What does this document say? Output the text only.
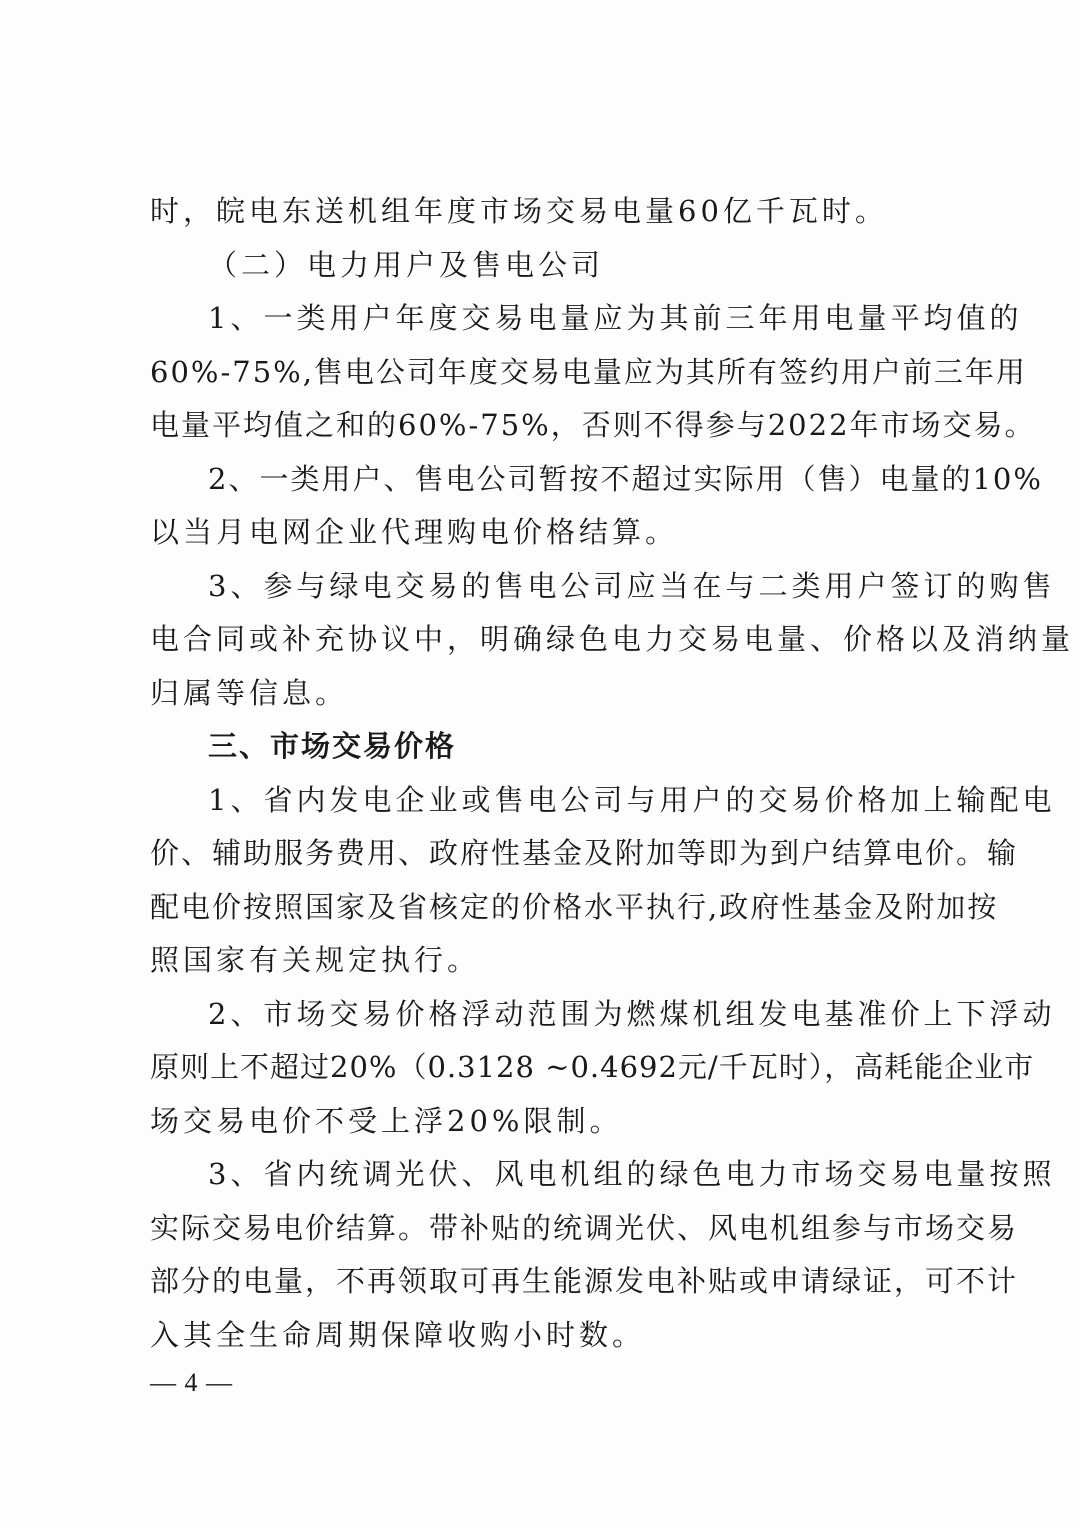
时，皖电东送机组年度市场交易电量60亿千瓦时。
（二）电力用户及售电公司
1、一类用户年度交易电量应为其前三年用电量平均值的
60%-75%,售电公司年度交易电量应为其所有签约用户前三年用
电量平均值之和的60%-75%，否则不得参与2022年市场交易。
2、一类用户、售电公司暂按不超过实际用（售）电量的10%
以当月电网企业代理购电价格结算。
3、参与绿电交易的售电公司应当在与二类用户签订的购售
电合同或补充协议中，明确绿色电力交易电量、价格以及消纳量
归属等信息。
三、市场交易价格
1、省内发电企业或售电公司与用户的交易价格加上输配电
价、辅助服务费用、政府性基金及附加等即为到户结算电价。输
配电价按照国家及省核定的价格水平执行,政府性基金及附加按
照国家有关规定执行。
2、市场交易价格浮动范围为燃煤机组发电基准价上下浮动
原则上不超过20%（0.3128 ~0.4692元/千瓦时），高耗能企业市
场交易电价不受上浮20%限制。
3、省内统调光伏、风电机组的绿色电力市场交易电量按照
实际交易电价结算。带补贴的统调光伏、风电机组参与市场交易
部分的电量，不再领取可再生能源发电补贴或申请绿证，可不计
入其全生命周期保障收购小时数。
— 4 —
